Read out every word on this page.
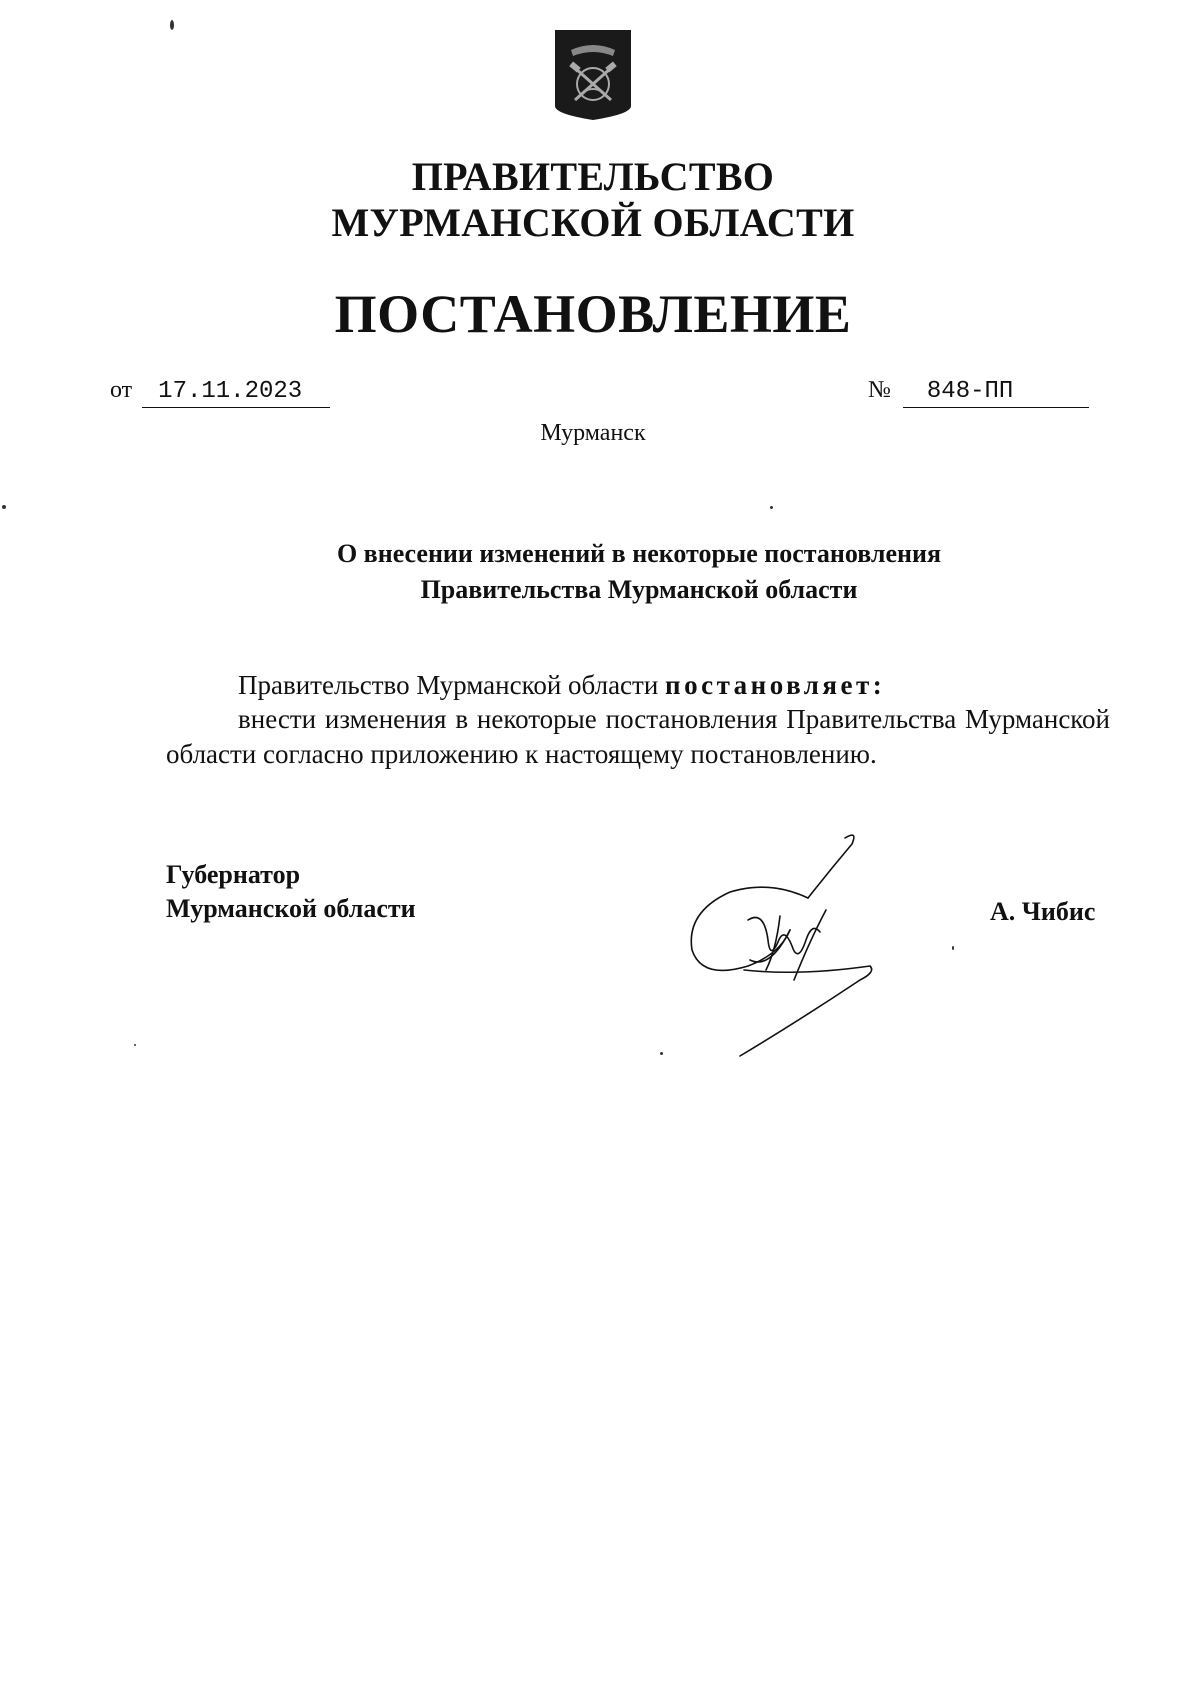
ПРАВИТЕЛЬСТВО
МУРМАНСКОЙ ОБЛАСТИ
ПОСТАНОВЛЕНИЕ
от 17.11.2023	№ 848-ПП
Мурманск
О внесении изменений в некоторые постановления
Правительства Мурманской области
Правительство Мурманской области постановляет:
внести изменения в некоторые постановления Правительства Мурманской области согласно приложению к настоящему постановлению.
Губернатор
Мурманской области	А. Чибис
